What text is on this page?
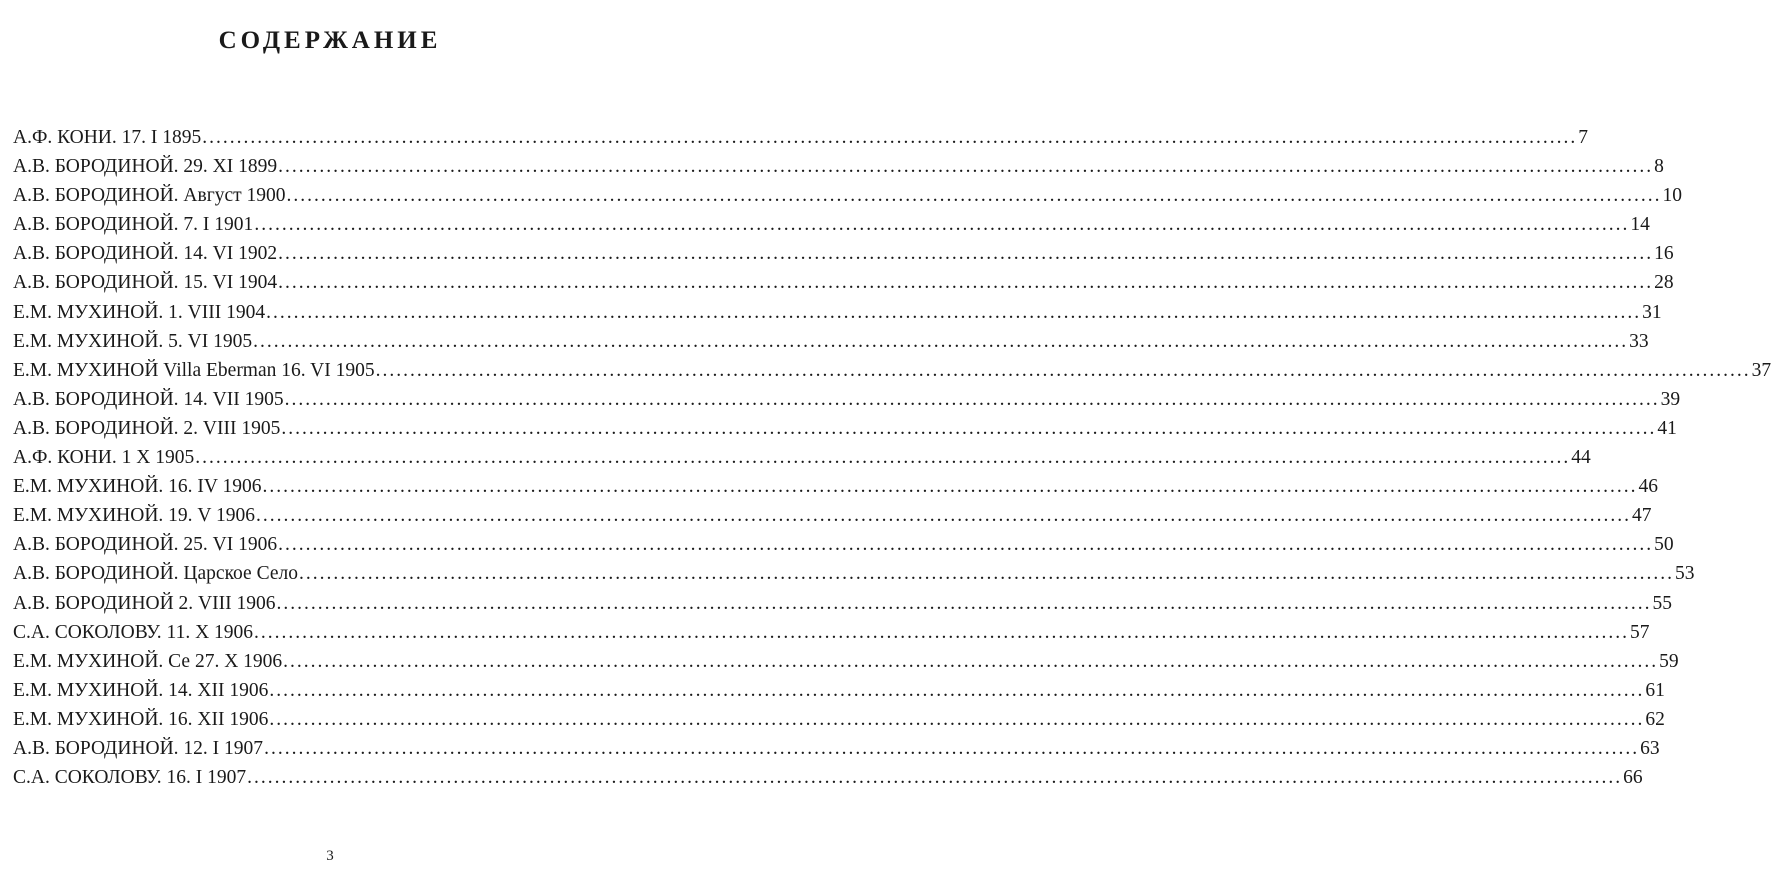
СОДЕРЖАНИЕ
А.Ф. КОНИ. 17. I 1895 ........................................................................................................................................................................................................ 7
А.В. БОРОДИНОЙ. 29. XI 1899 ........................................................................................................................................................................................................ 8
А.В. БОРОДИНОЙ. Август 1900 ........................................................................................................................................................................................................ 10
А.В. БОРОДИНОЙ. 7. I 1901 ........................................................................................................................................................................................................ 14
А.В. БОРОДИНОЙ. 14. VI 1902 ........................................................................................................................................................................................................ 16
А.В. БОРОДИНОЙ. 15. VI 1904 ........................................................................................................................................................................................................ 28
Е.М. МУХИНОЙ. 1. VIII 1904 ........................................................................................................................................................................................................ 31
Е.М. МУХИНОЙ. 5. VI 1905 ........................................................................................................................................................................................................ 33
Е.М. МУХИНОЙ Villa Eberman 16. VI 1905 ........................................................................................................................................................................................................ 37
А.В. БОРОДИНОЙ. 14. VII 1905 ........................................................................................................................................................................................................ 39
А.В. БОРОДИНОЙ. 2. VIII 1905 ........................................................................................................................................................................................................ 41
А.Ф. КОНИ. 1 X 1905 ........................................................................................................................................................................................................ 44
Е.М. МУХИНОЙ. 16. IV 1906 ........................................................................................................................................................................................................ 46
Е.М. МУХИНОЙ. 19. V 1906 ........................................................................................................................................................................................................ 47
А.В. БОРОДИНОЙ. 25. VI 1906 ........................................................................................................................................................................................................ 50
А.В. БОРОДИНОЙ. Царское Село ........................................................................................................................................................................................................ 53
А.В. БОРОДИНОЙ 2. VIII 1906 ........................................................................................................................................................................................................ 55
С.А. СОКОЛОВУ. 11. X 1906 ........................................................................................................................................................................................................ 57
Е.М. МУХИНОЙ. Се 27. X 1906 ........................................................................................................................................................................................................ 59
Е.М. МУХИНОЙ. 14. XII 1906 ........................................................................................................................................................................................................ 61
Е.М. МУХИНОЙ. 16. XII 1906 ........................................................................................................................................................................................................ 62
А.В. БОРОДИНОЙ. 12. I 1907 ........................................................................................................................................................................................................ 63
С.А. СОКОЛОВУ. 16. I 1907 ........................................................................................................................................................................................................ 66
3
